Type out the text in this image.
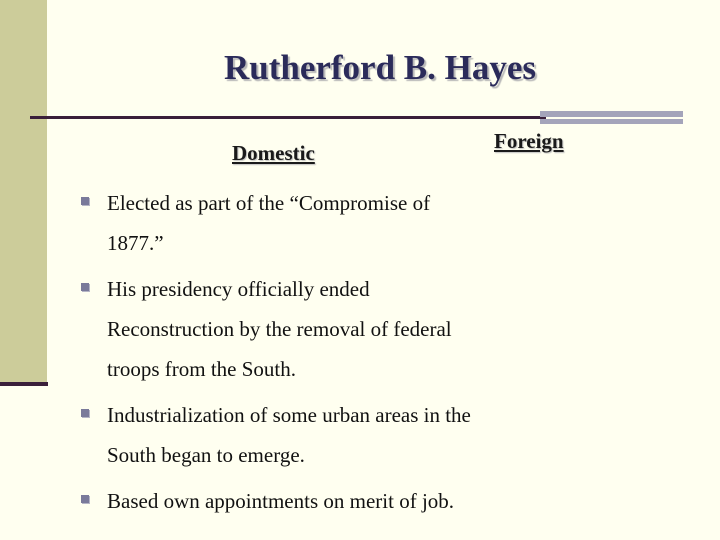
Rutherford B. Hayes
Domestic	Foreign
Elected as part of the “Compromise of 1877.”
His presidency officially ended Reconstruction by the removal of federal troops from the South.
Industrialization of some urban areas in the South began to emerge.
Based own appointments on merit of job.
